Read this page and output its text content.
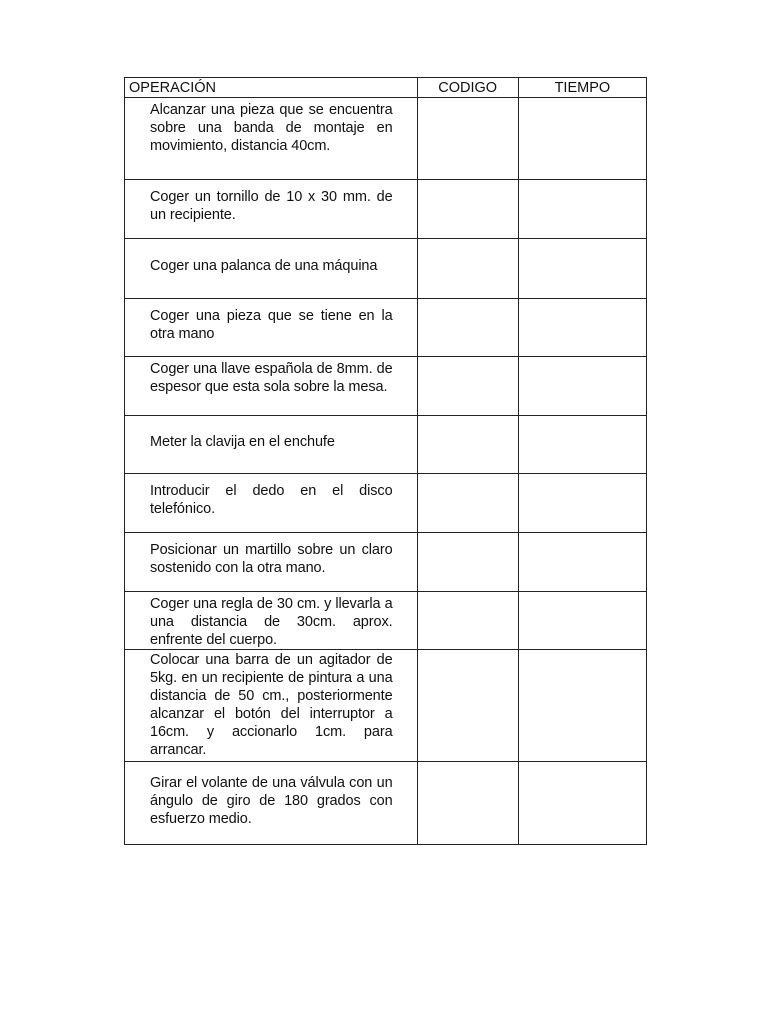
OPERACIÓN	CODIGO	TIEMPO
Alcanzar una pieza que se encuentra sobre una banda de montaje en movimiento, distancia 40cm.		
Coger un tornillo de 10 x 30 mm. de un recipiente.		
Coger una palanca de una máquina		
Coger una pieza que se tiene en la otra mano		
Coger una llave española de 8mm. de espesor que esta sola sobre la mesa.		
Meter la clavija en el enchufe		
Introducir el dedo en el disco telefónico.		
Posicionar un martillo sobre un claro sostenido con la otra mano.		
Coger una regla de 30 cm. y llevarla a una distancia de 30cm. aprox. enfrente del cuerpo.		
Colocar una barra de un agitador de 5kg. en un recipiente de pintura a una distancia de 50 cm., posteriormente alcanzar el botón del interruptor a 16cm. y accionarlo 1cm. para arrancar.		
Girar el volante de una válvula con un ángulo de giro de 180 grados con esfuerzo medio.		
